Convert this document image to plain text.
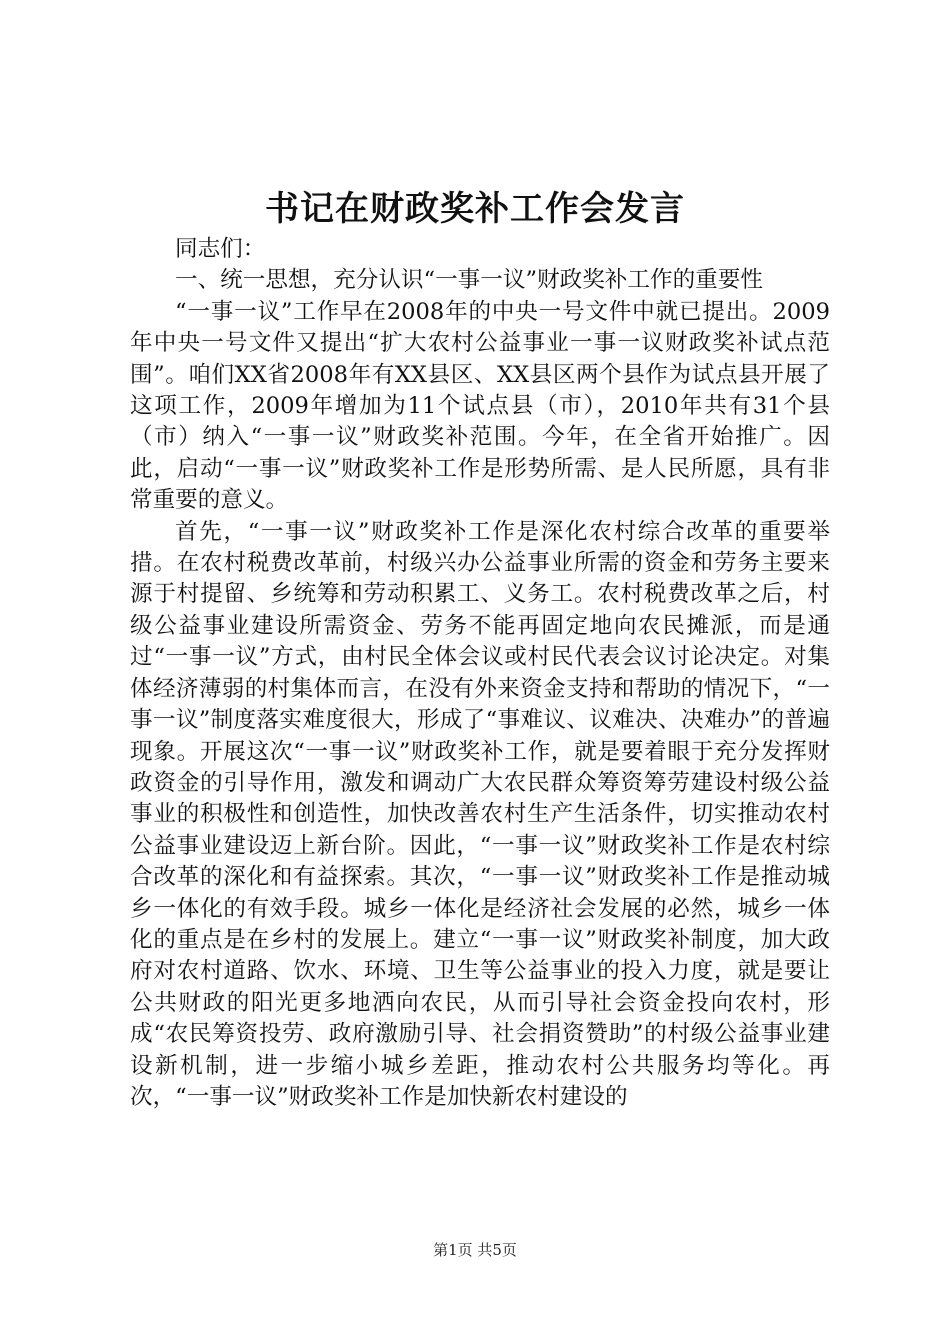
书记在财政奖补工作会发言

同志们：

一、统一思想，充分认识“一事一议”财政奖补工作的重要性

“一事一议”工作早在2008年的中央一号文件中就已提出。2009年中央一号文件又提出“扩大农村公益事业一事一议财政奖补试点范围”。咱们XX省2008年有XX县区、XX县区两个县作为试点县开展了这项工作，2009年增加为11个试点县（市），2010年共有31个县（市）纳入“一事一议”财政奖补范围。今年，在全省开始推广。因此，启动“一事一议”财政奖补工作是形势所需、是人民所愿，具有非常重要的意义。

首先，“一事一议”财政奖补工作是深化农村综合改革的重要举措。在农村税费改革前，村级兴办公益事业所需的资金和劳务主要来源于村提留、乡统筹和劳动积累工、义务工。农村税费改革之后，村级公益事业建设所需资金、劳务不能再固定地向农民摊派，而是通过“一事一议”方式，由村民全体会议或村民代表会议讨论决定。对集体经济薄弱的村集体而言，在没有外来资金支持和帮助的情况下，“一事一议”制度落实难度很大，形成了“事难议、议难决、决难办”的普遍现象。开展这次“一事一议”财政奖补工作，就是要着眼于充分发挥财政资金的引导作用，激发和调动广大农民群众筹资筹劳建设村级公益事业的积极性和创造性，加快改善农村生产生活条件，切实推动农村公益事业建设迈上新台阶。因此，“一事一议”财政奖补工作是农村综合改革的深化和有益探索。其次，“一事一议”财政奖补工作是推动城乡一体化的有效手段。城乡一体化是经济社会发展的必然，城乡一体化的重点是在乡村的发展上。建立“一事一议”财政奖补制度，加大政府对农村道路、饮水、环境、卫生等公益事业的投入力度，就是要让公共财政的阳光更多地洒向农民，从而引导社会资金投向农村，形成“农民筹资投劳、政府激励引导、社会捐资赞助”的村级公益事业建设新机制，进一步缩小城乡差距，推动农村公共服务均等化。再次，“一事一议”财政奖补工作是加快新农村建设的

第1页 共5页
